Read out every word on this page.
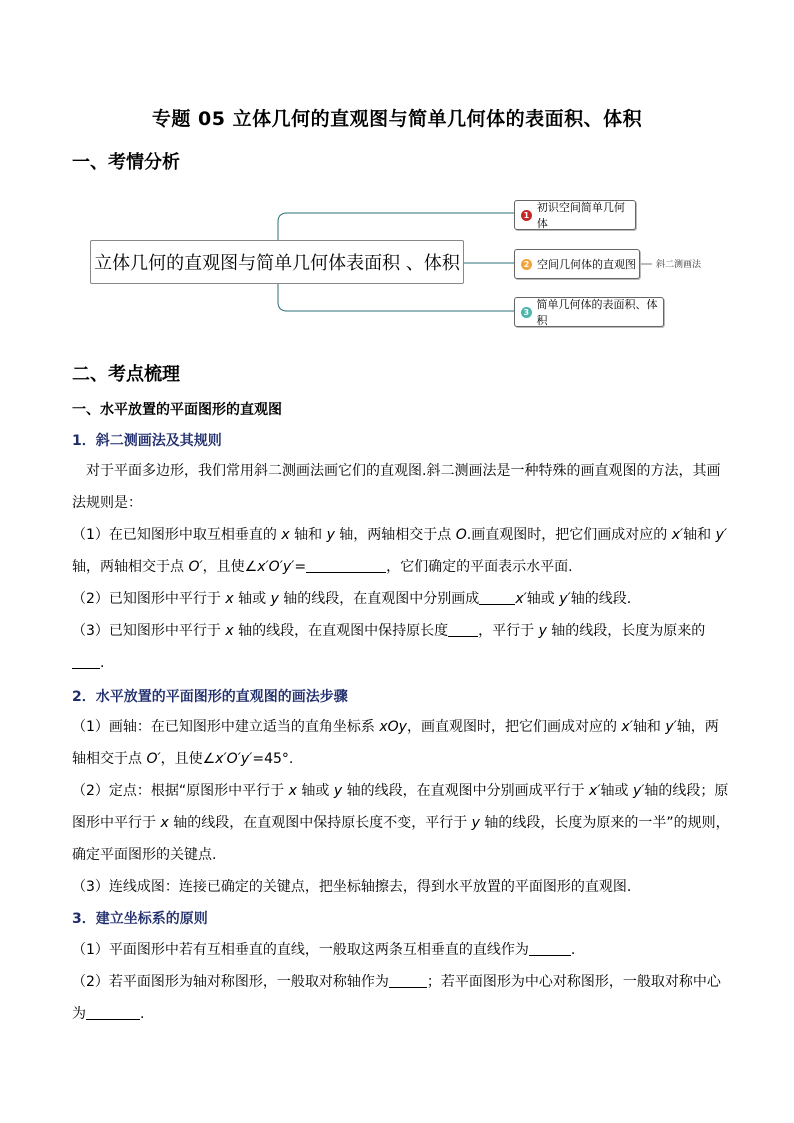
专题 05 立体几何的直观图与简单几何体的表面积、体积
一、考情分析
立体几何的直观图与简单几何体表面积 、体积
1
初识空间简单几何体
2 空间几何体的直观图
3
简单几何体的表面积、体积
斜二测画法
二、考点梳理
一、水平放置的平面图形的直观图
1．斜二测画法及其规则
对于平面多边形，我们常用斜二测画法画它们的直观图.斜二测画法是一种特殊的画直观图的方法，其画法规则是：
（1）在已知图形中取互相垂直的 x 轴和 y 轴，两轴相交于点 O.画直观图时，把它们画成对应的 x′轴和 y′轴，两轴相交于点 O′，且使∠x′O′y′=	，它们确定的平面表示水平面.
（2）已知图形中平行于 x 轴或 y 轴的线段，在直观图中分别画成	x′轴或 y′轴的线段.
（3）已知图形中平行于 x 轴的线段，在直观图中保持原长度 ，平行于 y 轴的线段，长度为原来的.
2．水平放置的平面图形的直观图的画法步骤
（1）画轴：在已知图形中建立适当的直角坐标系 xOy，画直观图时，把它们画成对应的 x′轴和 y′轴，两轴相交于点 O′，且使∠x′O′y′=45°.
（2）定点：根据“原图形中平行于 x 轴或 y 轴的线段，在直观图中分别画成平行于 x′轴或 y′轴的线段；原图形中平行于 x 轴的线段，在直观图中保持原长度不变，平行于 y 轴的线段，长度为原来的一半”的规则，确定平面图形的关键点.
（3）连线成图：连接已确定的关键点，把坐标轴擦去，得到水平放置的平面图形的直观图.
3．建立坐标系的原则
（1）平面图形中若有互相垂直的直线，一般取这两条互相垂直的直线作为	.
（2）若平面图形为轴对称图形，一般取对称轴作为	；若平面图形为中心对称图形，一般取对称中心为	.
